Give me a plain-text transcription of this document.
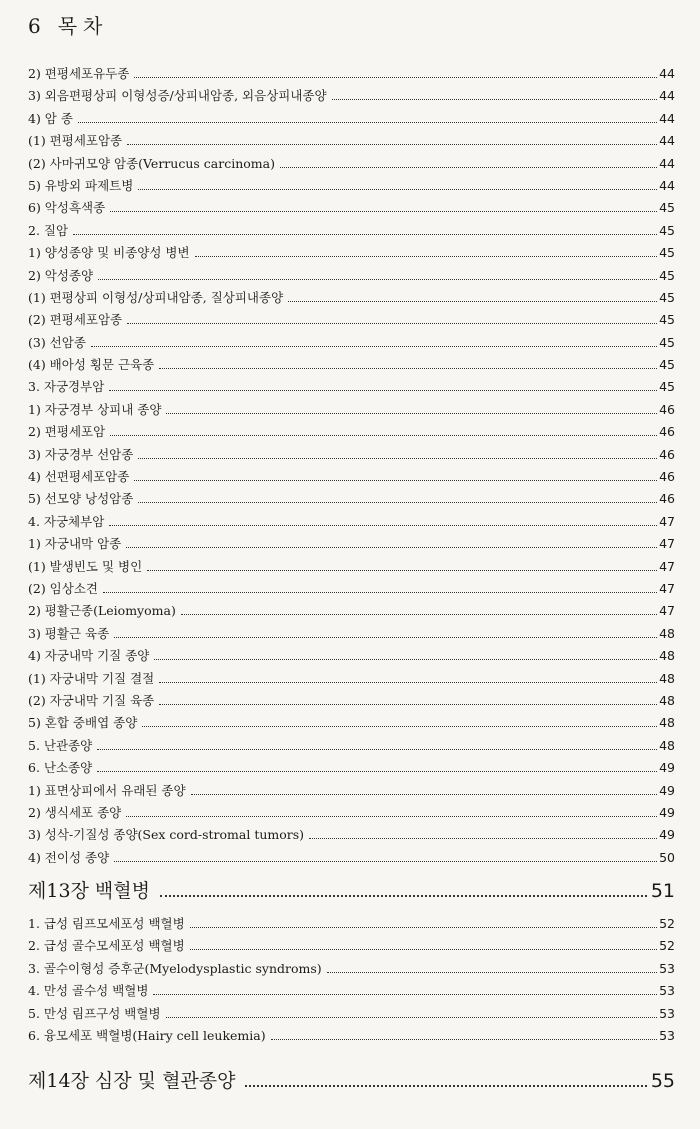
6 목차
2) 편평세포유두종	44
3) 외음편평상피 이형성증/상피내암종, 외음상피내종양	44
4) 암 종	44
(1) 편평세포암종	44
(2) 사마귀모양 암종(Verrucus carcinoma)	44
5) 유방외 파제트병	44
6) 악성흑색종	45
2. 질암	45
1) 양성종양 및 비종양성 병변	45
2) 악성종양	45
(1) 편평상피 이형성/상피내암종, 질상피내종양	45
(2) 편평세포암종	45
(3) 선암종	45
(4) 배아성 횡문 근육종	45
3. 자궁경부암	45
1) 자궁경부 상피내 종양	46
2) 편평세포암	46
3) 자궁경부 선암종	46
4) 선편평세포암종	46
5) 선모양 낭성암종	46
4. 자궁체부암	47
1) 자궁내막 암종	47
(1) 발생빈도 및 병인	47
(2) 임상소견	47
2) 평활근종(Leiomyoma)	47
3) 평활근 육종	48
4) 자궁내막 기질 종양	48
(1) 자궁내막 기질 결절	48
(2) 자궁내막 기질 육종	48
5) 혼합 중배엽 종양	48
5. 난관종양	48
6. 난소종양	49
1) 표면상피에서 유래된 종양	49
2) 생식세포 종양	49
3) 성삭-기질성 종양(Sex cord-stromal tumors)	49
4) 전이성 종양	50
제13장 백혈병	51
1. 급성 림프모세포성 백혈병	52
2. 급성 골수모세포성 백혈병	52
3. 골수이형성 증후군(Myelodysplastic syndroms)	53
4. 만성 골수성 백혈병	53
5. 만성 림프구성 백혈병	53
6. 융모세포 백혈병(Hairy cell leukemia)	53
제14장 심장 및 혈관종양	55
